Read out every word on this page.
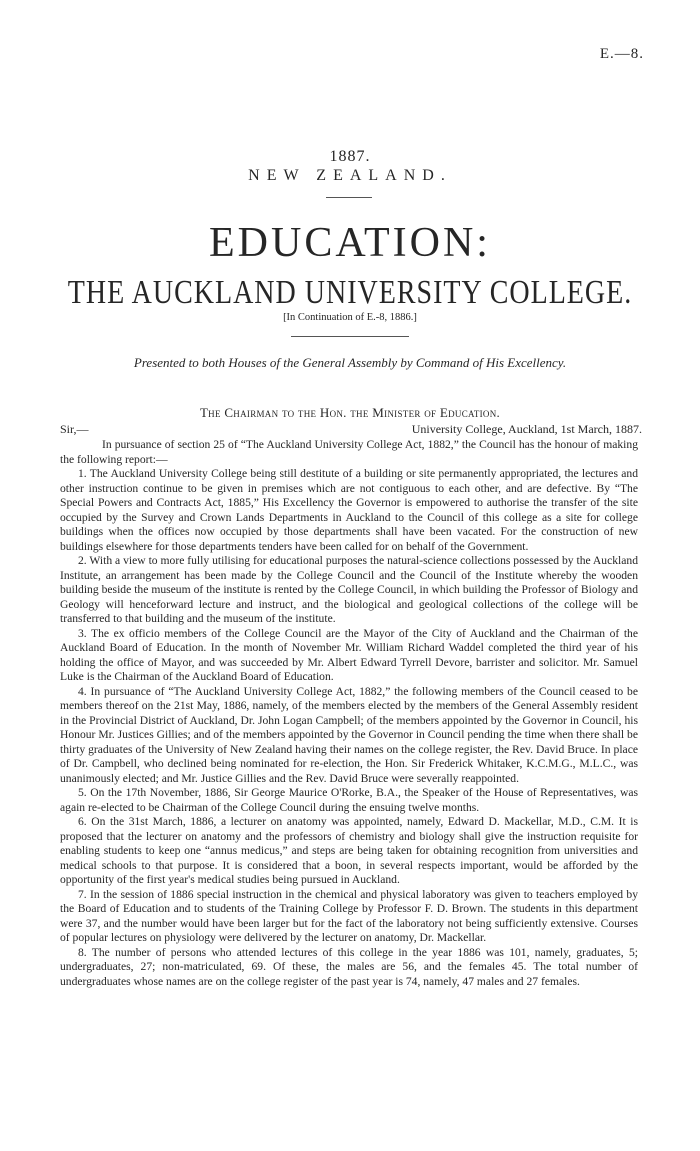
E.—8.
1887.
NEW ZEALAND.
EDUCATION:
THE AUCKLAND UNIVERSITY COLLEGE.
[In Continuation of E.-8, 1886.]
Presented to both Houses of the General Assembly by Command of His Excellency.
The Chairman to the Hon. the Minister of Education.
Sir,—	University College, Auckland, 1st March, 1887.

In pursuance of section 25 of “The Auckland University College Act, 1882,” the Council has the honour of making the following report:—

1. The Auckland University College being still destitute of a building or site permanently appropriated, the lectures and other instruction continue to be given in premises which are not contiguous to each other, and are defective. By “The Special Powers and Contracts Act, 1885,” His Excellency the Governor is empowered to authorise the transfer of the site occupied by the Survey and Crown Lands Departments in Auckland to the Council of this college as a site for college buildings when the offices now occupied by those departments shall have been vacated. For the construction of new buildings elsewhere for those departments tenders have been called for on behalf of the Government.

2. With a view to more fully utilising for educational purposes the natural-science collections possessed by the Auckland Institute, an arrangement has been made by the College Council and the Council of the Institute whereby the wooden building beside the museum of the institute is rented by the College Council, in which building the Professor of Biology and Geology will henceforward lecture and instruct, and the biological and geological collections of the college will be transferred to that building and the museum of the institute.

3. The ex officio members of the College Council are the Mayor of the City of Auckland and the Chairman of the Auckland Board of Education. In the month of November Mr. William Richard Waddel completed the third year of his holding the office of Mayor, and was succeeded by Mr. Albert Edward Tyrrell Devore, barrister and solicitor. Mr. Samuel Luke is the Chairman of the Auckland Board of Education.

4. In pursuance of “The Auckland University College Act, 1882,” the following members of the Council ceased to be members thereof on the 21st May, 1886, namely, of the members elected by the members of the General Assembly resident in the Provincial District of Auckland, Dr. John Logan Campbell; of the members appointed by the Governor in Council, his Honour Mr. Justices Gillies; and of the members appointed by the Governor in Council pending the time when there shall be thirty graduates of the University of New Zealand having their names on the college register, the Rev. David Bruce. In place of Dr. Campbell, who declined being nominated for re-election, the Hon. Sir Frederick Whitaker, K.C.M.G., M.L.C., was unanimously elected; and Mr. Justice Gillies and the Rev. David Bruce were severally reappointed.

5. On the 17th November, 1886, Sir George Maurice O'Rorke, B.A., the Speaker of the House of Representatives, was again re-elected to be Chairman of the College Council during the ensuing twelve months.

6. On the 31st March, 1886, a lecturer on anatomy was appointed, namely, Edward D. Mackellar, M.D., C.M. It is proposed that the lecturer on anatomy and the professors of chemistry and biology shall give the instruction requisite for enabling students to keep one “annus medicus,” and steps are being taken for obtaining recognition from universities and medical schools to that purpose. It is considered that a boon, in several respects important, would be afforded by the opportunity of the first year's medical studies being pursued in Auckland.

7. In the session of 1886 special instruction in the chemical and physical laboratory was given to teachers employed by the Board of Education and to students of the Training College by Professor F. D. Brown. The students in this department were 37, and the number would have been larger but for the fact of the laboratory not being sufficiently extensive. Courses of popular lectures on physiology were delivered by the lecturer on anatomy, Dr. Mackellar.

8. The number of persons who attended lectures of this college in the year 1886 was 101, namely, graduates, 5; undergraduates, 27; non-matriculated, 69. Of these, the males are 56, and the females 45. The total number of undergraduates whose names are on the college register of the past year is 74, namely, 47 males and 27 females.
